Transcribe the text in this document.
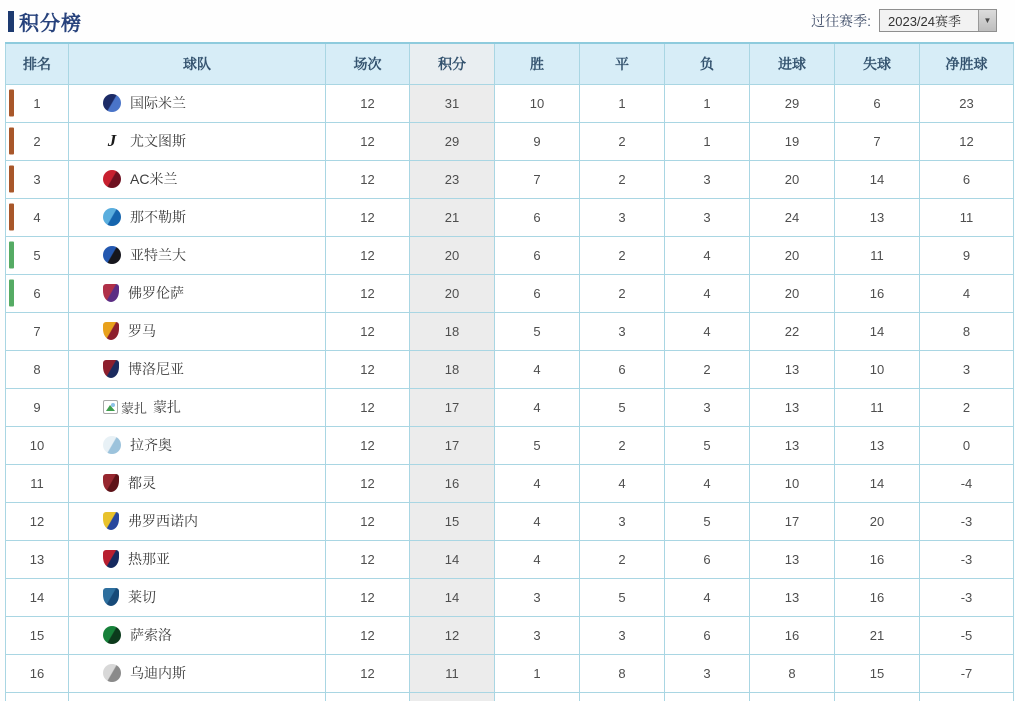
积分榜	过往赛季:	2023/24赛季	▼
排名	球队	场次	积分	胜	平	负	进球	失球	净胜球

1	国际米兰	12	31	10	1	1	29	6	23

2	J 尤文图斯	12	29	9	2	1	19	7	12

3	AC米兰	12	23	7	2	3	20	14	6

4	那不勒斯	12	21	6	3	3	24	13	11

5	亚特兰大	12	20	6	2	4	20	11	9

6	佛罗伦萨	12	20	6	2	4	20	16	4
7	罗马	12	18	5	3	4	22	14	8
8	博洛尼亚	12	18	4	6	2	13	10	3
9	蒙扎 蒙扎	12	17	4	5	3	13	11	2
10	拉齐奥	12	17	5	2	5	13	13	0
11	都灵	12	16	4	4	4	10	14	-4
12	弗罗西诺内	12	15	4	3	5	17	20	-3
13	热那亚	12	14	4	2	6	13	16	-3
14	莱切	12	14	3	5	4	13	16	-3
15	萨索洛	12	12	3	3	6	16	21	-5
16	乌迪内斯	12	11	1	8	3	8	15	-7
